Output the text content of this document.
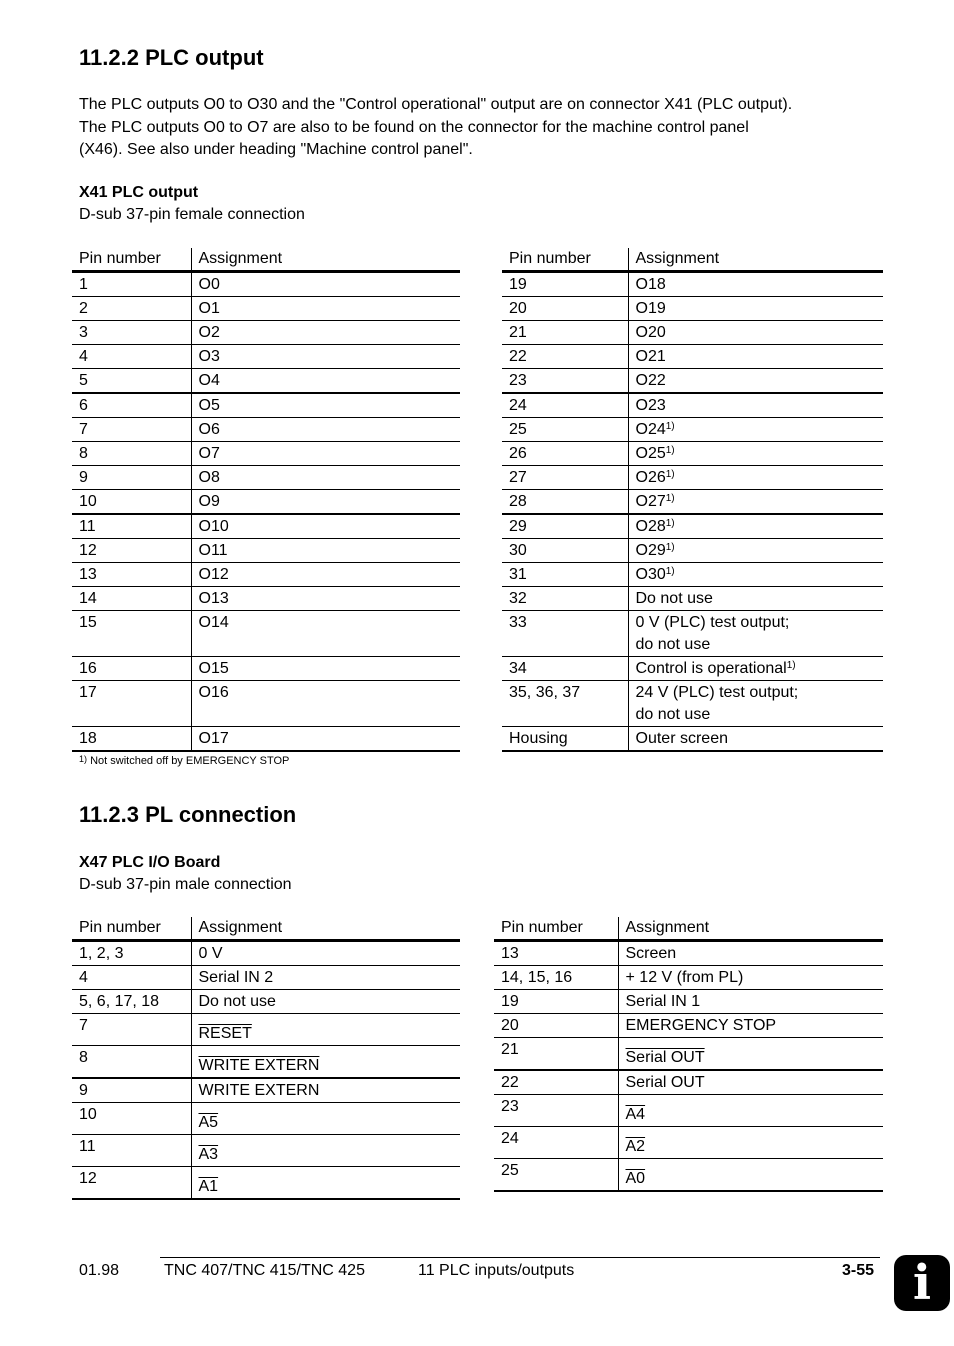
11.2.2 PLC output
The PLC outputs O0 to O30 and the "Control operational" output are on connector X41 (PLC output).
The PLC outputs O0 to O7 are also to be found on the connector for the machine control panel
(X46). See also under heading "Machine control panel".
X41 PLC output
D-sub 37-pin female connection
Pin number	Assignment
1	O0
2	O1
3	O2
4	O3
5	O4
6	O5
7	O6
8	O7
9	O8
10	O9
11	O10
12	O11
13	O12
14	O13
15	O14

16	O15
17	O16

18	O17
Pin number	Assignment
19	O18
20	O19
21	O20
22	O21
23	O22
24	O23
25	O24$^{1)}$
26	O25$^{1)}$
27	O26$^{1)}$
28	O27$^{1)}$
29	O28$^{1)}$
30	O29$^{1)}$
31	O30$^{1)}$
32	Do not use
33	0 V (PLC) test output;
do not use

34	Control is operational$^{1)}$
35, 36, 37	24 V (PLC) test output;
do not use

Housing	Outer screen
$^{1)}$ Not switched off by EMERGENCY STOP
11.2.3 PL connection
X47 PLC I/O Board
D-sub 37-pin male connection
Pin number	Assignment
1, 2, 3	0 V
4	Serial IN 2
5, 6, 17, 18	Do not use
7	RESET
8	WRITE EXTERN
9	WRITE EXTERN
10	A5
11	A3
12	A1
Pin number	Assignment
13	Screen
14, 15, 16	+ 12 V (from PL)
19	Serial IN 1
20	EMERGENCY STOP
21	Serial OUT
22	Serial OUT
23	A4
24	A2
25	A0
01.98	TNC 407/TNC 415/TNC 425	11 PLC inputs/outputs	3-55 i
